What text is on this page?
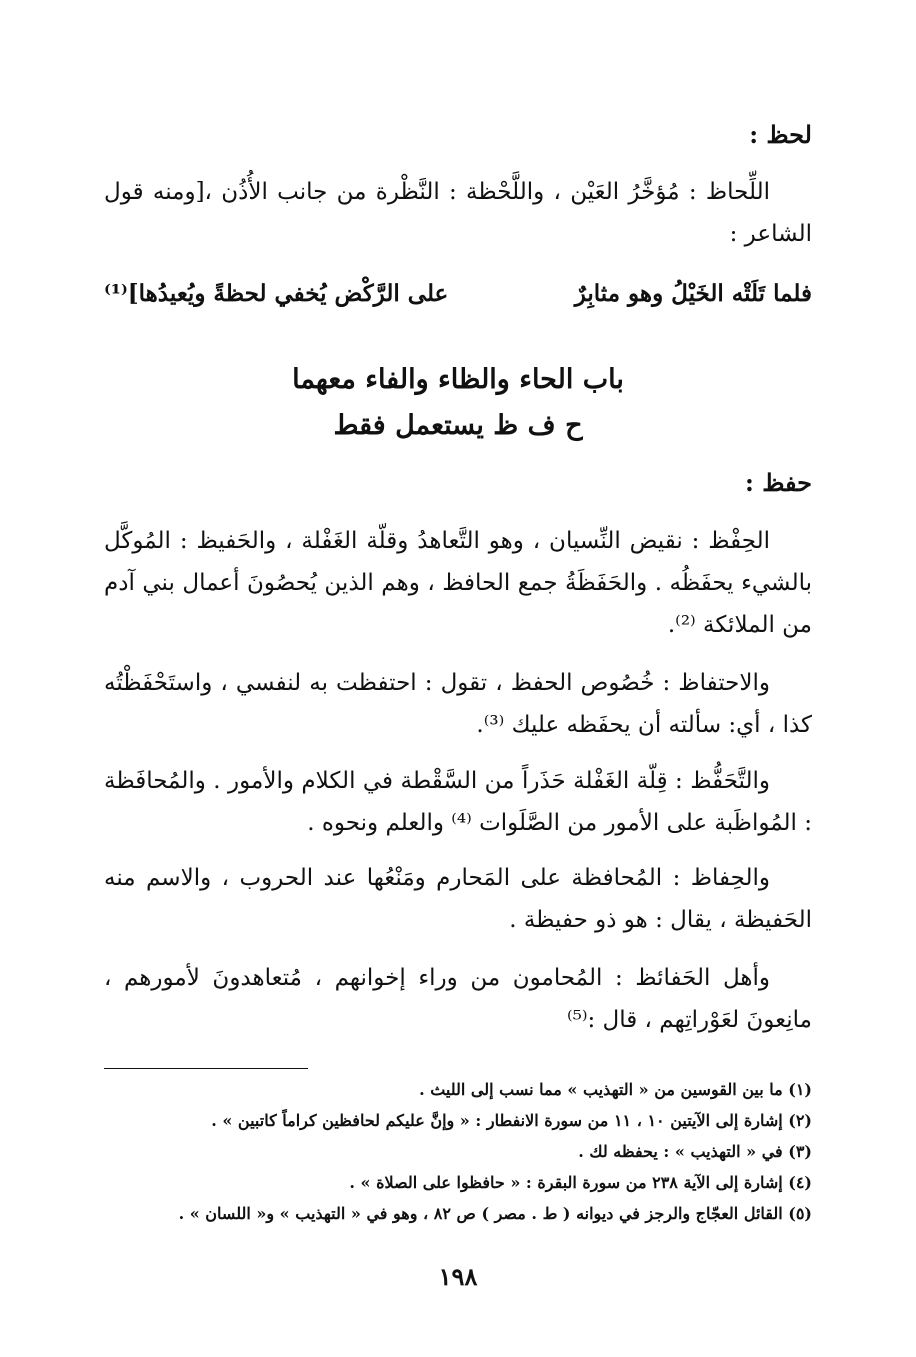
لحظ :
اللِّحاظ : مُؤخَّرُ العَيْن ، واللَّحْظة : النَّظْرة من جانب الأُذُن ،[ومنه قول الشاعر :
فلما تَلَتْه الخَيْلُ وهو مثابِرٌ
على الرَّكْض يُخفي لحظةً ويُعيدُها]⁽¹⁾
باب الحاء والظاء والفاء معهما
ح ف ظ يستعمل فقط
حفظ :
الحِفْظ : نقيض النِّسيان ، وهو التَّعاهدُ وقلّة الغَفْلة ، والحَفيظ : المُوكَّل بالشيء يحفَظُه . والحَفَظَةُ جمع الحافظ ، وهم الذين يُحصُونَ أعمال بني آدم من الملائكة ⁽²⁾.
والاحتفاظ : خُصُوص الحفظ ، تقول : احتفظت به لنفسي ، واستَحْفَظْتُه كذا ، أي: سألته أن يحفَظه عليك ⁽³⁾.
والتَّحَفُّظ : قِلّة الغَفْلة حَذَراً من السَّقْطة في الكلام والأمور . والمُحافَظة : المُواظَبة على الأمور من الصَّلَوات ⁽⁴⁾ والعلم ونحوه .
والحِفاظ : المُحافظة على المَحارم ومَنْعُها عند الحروب ، والاسم منه الحَفيظة ، يقال : هو ذو حفيظة .
وأهل الحَفائظ : المُحامون من وراء إخوانهم ، مُتعاهدونَ لأمورهم ، مانِعونَ لعَوْراتِهم ، قال :⁽⁵⁾
(١) ما بين القوسين من « التهذيب » مما نسب إلى الليث .
(٢) إشارة إلى الآيتين ١٠ ، ١١ من سورة الانفطار : « وإنَّ عليكم لحافظين كراماً كاتبين » .
(٣) في « التهذيب » : يحفظه لك .
(٤) إشارة إلى الآية ٢٣٨ من سورة البقرة : « حافظوا على الصلاة » .
(٥) القائل العجّاج والرجز في ديوانه ( ط . مصر ) ص ٨٢ ، وهو في « التهذيب » و« اللسان » .
١٩٨
